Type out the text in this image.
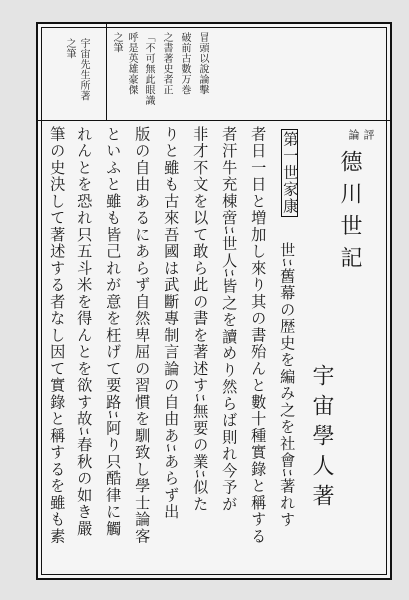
宇宙先生所著
之筆	冒頭以說論擊
破前古數万巻
之書著史者正
「不可無此眼識
呼是英雄豪傑
之筆
評
論
德川世記
宇宙學人著
第一世家康
世ﾆ舊幕の歴史を編み之を社會ﾆ著れす
者日一日と増加し來り其の書殆んと數十種實錄と稱する
者汗牛充棟啻ﾆ世人ﾆ皆之を讀めり然らば則れ今予が
非才不文を以て敢ら此の書を著述すﾆ無要の業ﾆ似た
りと雖も古來吾國は武斷專制言論の自由あﾆあらず出
版の自由あるにあらず自然卑屈の習慣を馴致し學士論客
といふと雖も皆己れが意を枉げて要路ﾆ阿り只酷律に觸
れんとを恐れ只五斗米を得んとを欲す故ﾆ春秋の如き嚴
筆の史決して著述する者なし因て實錄と稱するを雖も素
